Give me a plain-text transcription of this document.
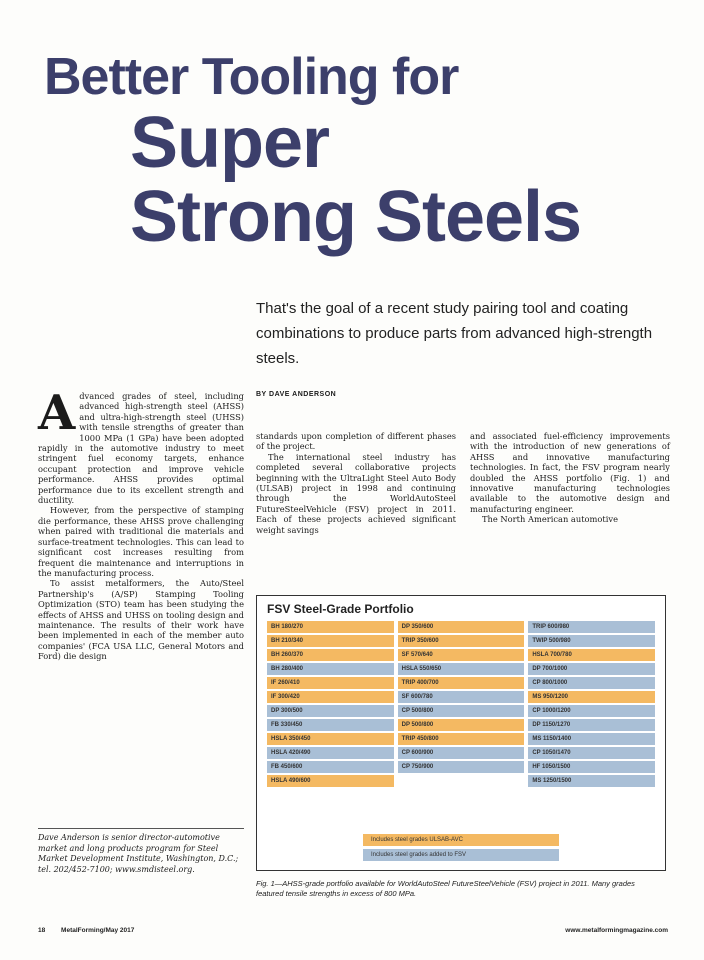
Better Tooling for
Super
Strong Steels
That's the goal of a recent study pairing tool and coating combinations to produce parts from advanced high-strength steels.
BY DAVE ANDERSON

Advanced grades of steel, including advanced high-strength steel (AHSS) and ultra-high-strength steel (UHSS) with tensile strengths of greater than 1000 MPa (1 GPa) have been adopted rapidly in the automotive industry to meet stringent fuel economy targets, enhance occupant protection and improve vehicle performance. AHSS provides optimal performance due to its excellent strength and ductility.

However, from the perspective of stamping die performance, these AHSS prove challenging when paired with traditional die materials and surface-treatment technologies. This can lead to significant cost increases resulting from frequent die maintenance and interruptions in the manufacturing process.

To assist metalformers, the Auto/Steel Partnership's (A/SP) Stamping Tooling Optimization (STO) team has been studying the effects of AHSS and UHSS on tooling design and maintenance. The results of their work have been implemented in each of the member auto companies' (FCA USA LLC, General Motors and Ford) die design

standards upon completion of different phases of the project.

The international steel industry has completed several collaborative projects beginning with the UltraLight Steel Auto Body (ULSAB) project in 1998 and continuing through the WorldAutoSteel FutureSteelVehicle (FSV) project in 2011. Each of these projects achieved significant weight savings

and associated fuel-efficiency improvements with the introduction of new generations of AHSS and innovative manufacturing technologies. In fact, the FSV program nearly doubled the AHSS portfolio (Fig. 1) and innovative manufacturing technologies available to the automotive design and manufacturing engineer.

The North American automotive

Dave Anderson is senior director-automotive market and long products program for Steel Market Development Institute, Washington, D.C.; tel. 202/452-7100; www.smdisteel.org.
FSV Steel-Grade Portfolio
BH 180/270
BH 210/340
BH 260/370
BH 280/400
IF 260/410
IF 300/420
DP 300/500
FB 330/450
HSLA 350/450
HSLA 420/490
FB 450/600
HSLA 490/600
DP 350/600
TRIP 350/600
SF 570/640
HSLA 550/650
TRIP 400/700
SF 600/780
CP 500/800
DP 500/800
TRIP 450/800
CP 600/900
CP 750/900
TRIP 600/980
TWIP 500/980
HSLA 700/780
DP 700/1000
CP 800/1000
MS 950/1200
CP 1000/1200
DP 1150/1270
MS 1150/1400
CP 1050/1470
HF 1050/1500
MS 1250/1500
Includes steel grades ULSAB-AVC
Includes steel grades added to FSV
Fig. 1—AHSS-grade portfolio available for WorldAutoSteel FutureSteelVehicle (FSV) project in 2011. Many grades featured tensile strengths in excess of 800 MPa.
18 MetalForming/May 2017	www.metalformingmagazine.com
